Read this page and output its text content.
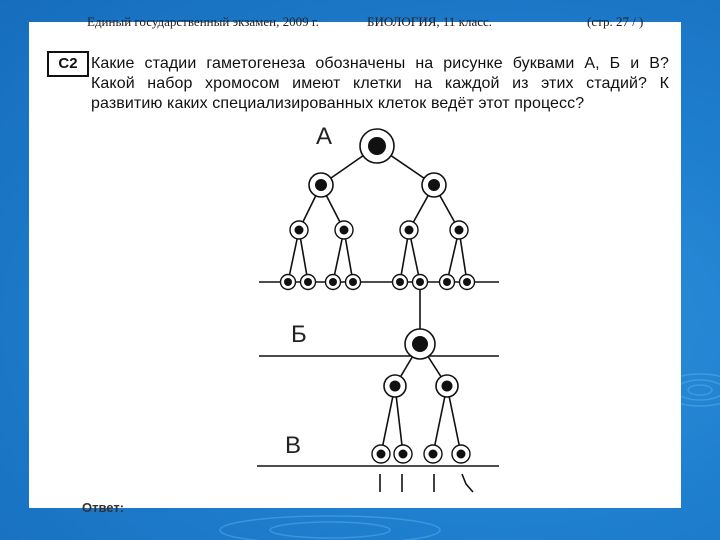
Единый государственный экзамен, 2009 г.	БИОЛОГИЯ, 11 класс.	(стр. 27 / )
С2 Какие стадии гаметогенеза обозначены на рисунке буквами А, Б и В?
Какой набор хромосом имеют клетки на каждой из этих стадий? К
развитию каких специализированных клеток ведёт этот процесс?
А
Б
В
Ответ:
